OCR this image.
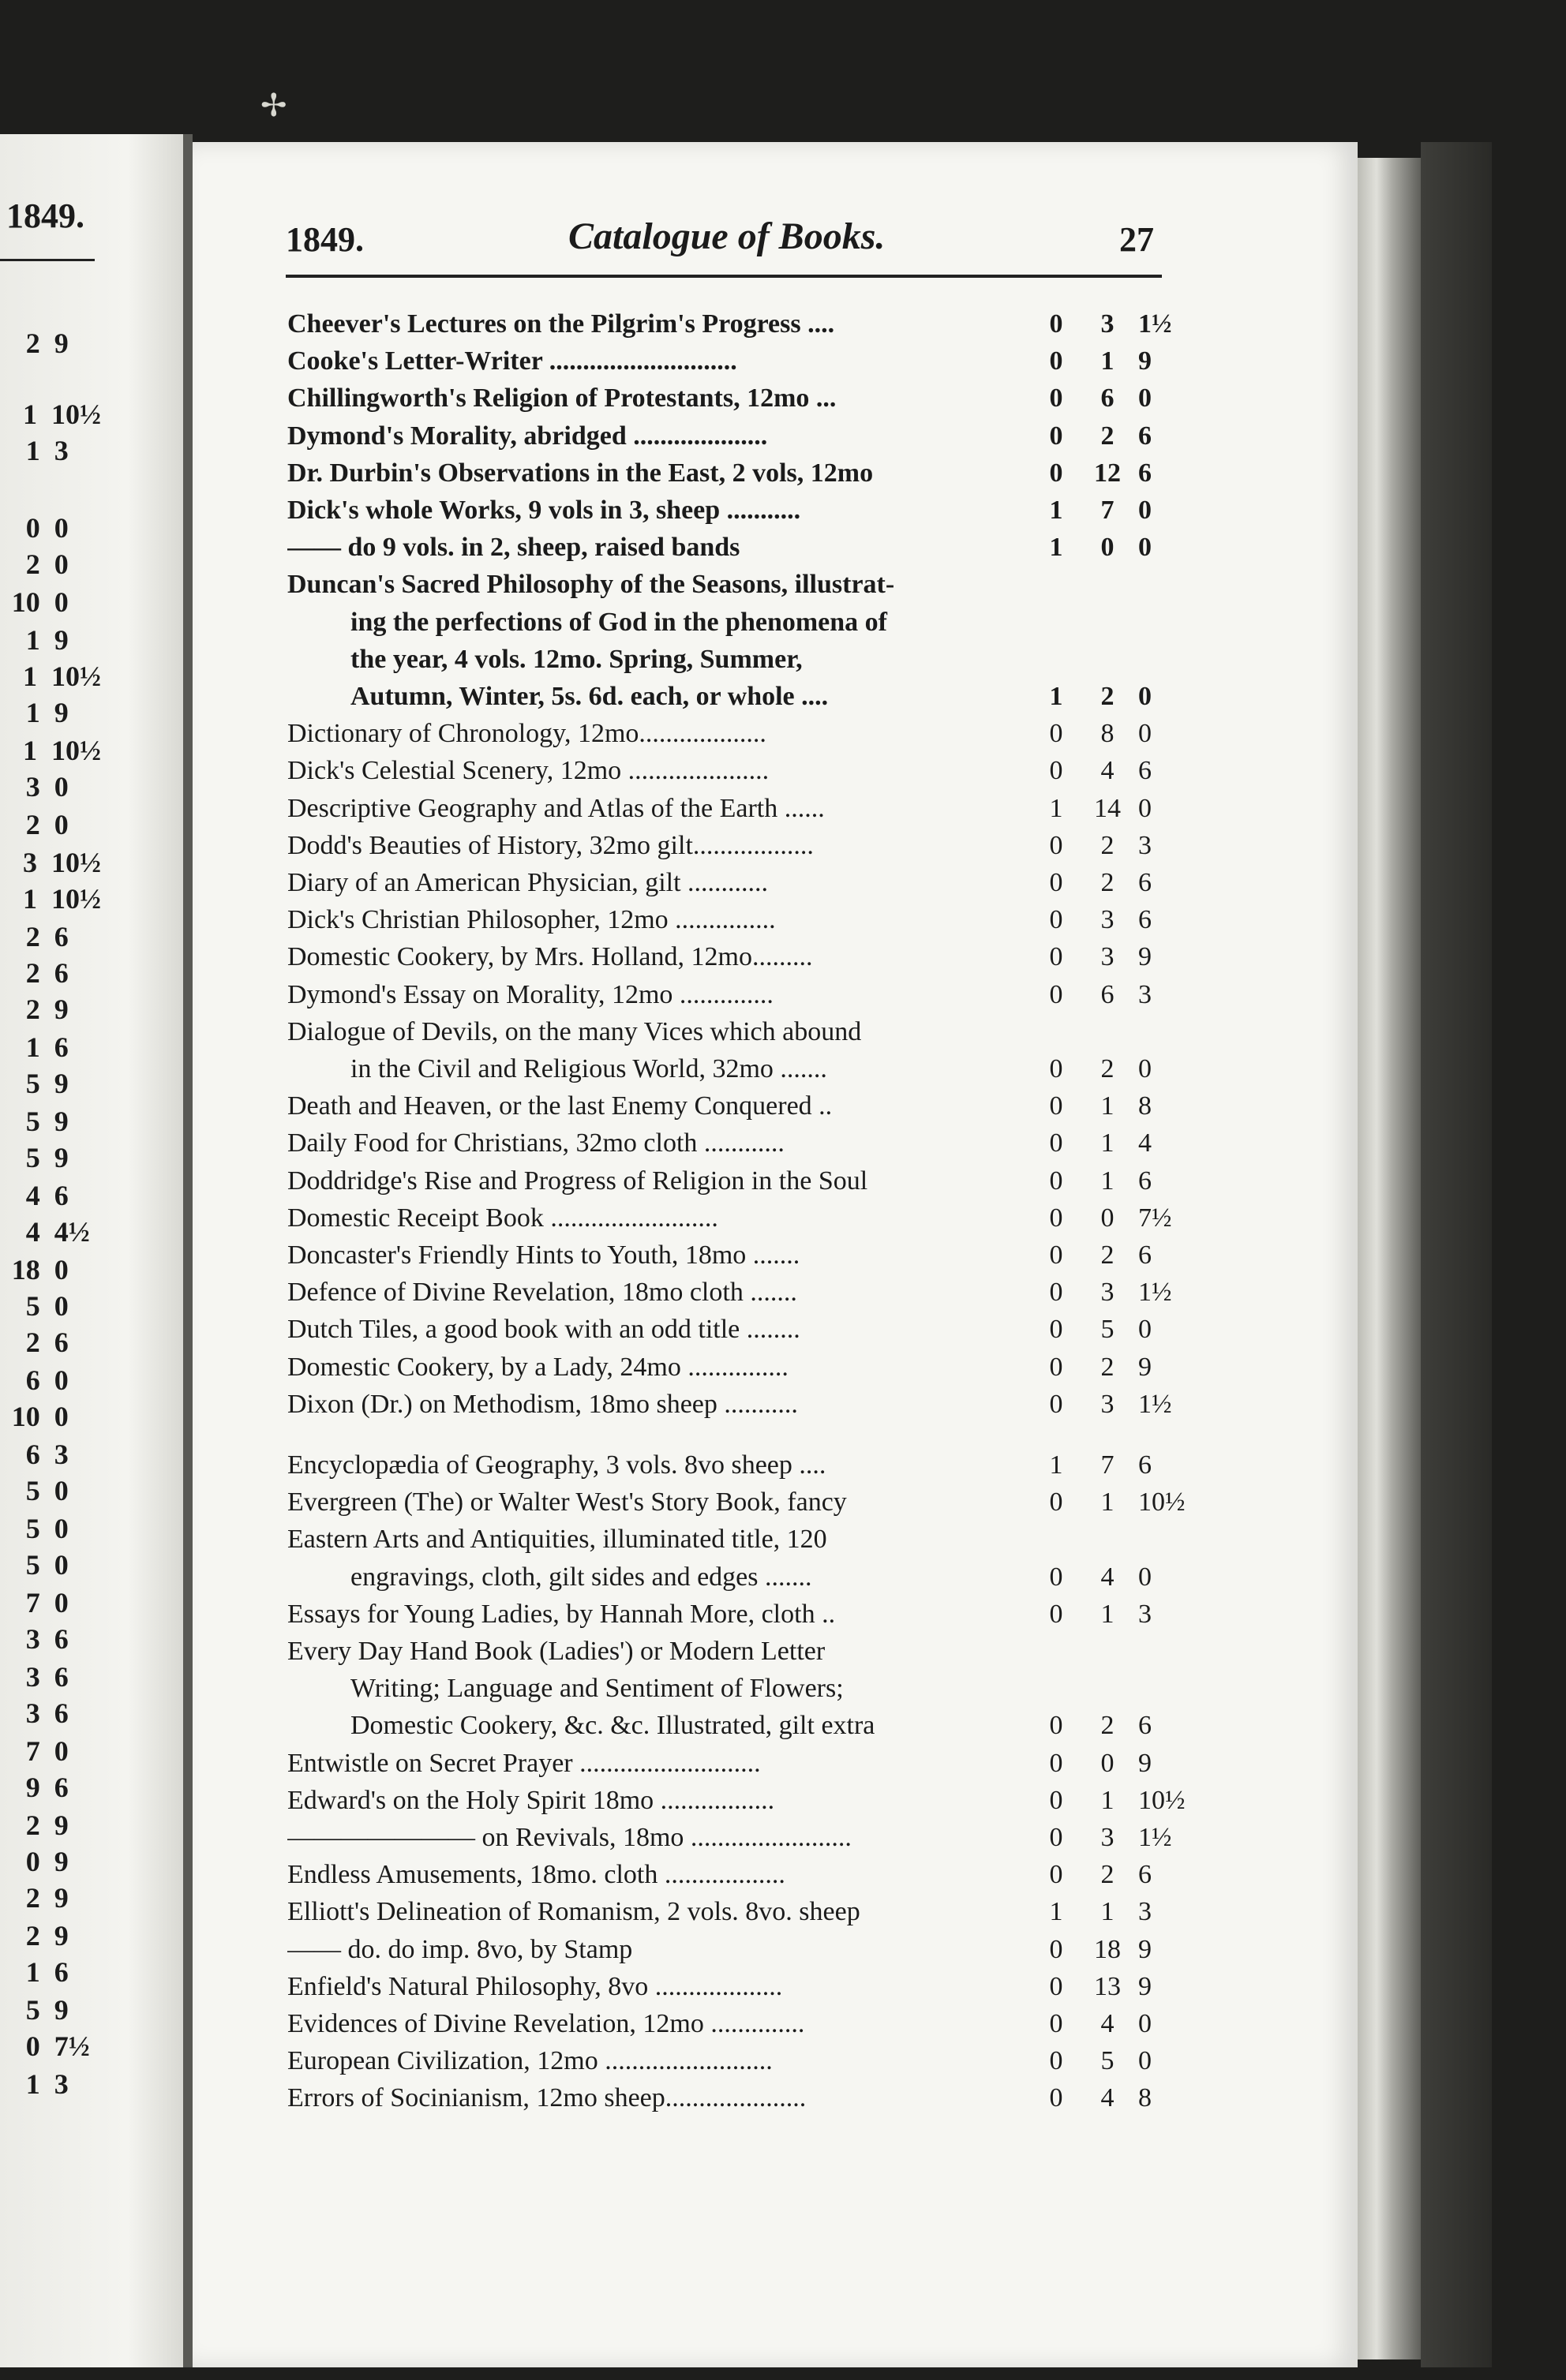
✢
1849.
2 9
1 10½
1 3
0 0
2 0
10 0
1 9
1 10½
1 9
1 10½
3 0
2 0
3 10½
1 10½
2 6
2 6
2 9
1 6
5 9
5 9
5 9
4 6
4 4½
18 0
5 0
2 6
6 0
10 0
6 3
5 0
5 0
5 0
7 0
3 6
3 6
3 6
7 0
9 6
2 9
0 9
2 9
2 9
1 6
5 9
0 7½
1 3
1849.	Catalogue of Books.	27
Cheever's Lectures on the Pilgrim's Progress ....	0	3 1½
Cooke's Letter-Writer ............................	0	1 9
Chillingworth's Religion of Protestants, 12mo ...	0	6 0
Dymond's Morality, abridged ....................	0	2 6
Dr. Durbin's Observations in the East, 2 vols, 12mo	0	12 6
Dick's whole Works, 9 vols in 3, sheep ...........	1	7 0
—— do 9 vols. in 2, sheep, raised bands	1	0 0
Duncan's Sacred Philosophy of the Seasons, illustrat-
ing the perfections of God in the phenomena of
the year, 4 vols. 12mo. Spring, Summer,
Autumn, Winter, 5s. 6d. each, or whole ....	1	2 0
Dictionary of Chronology, 12mo...................	0	8 0
Dick's Celestial Scenery, 12mo .....................	0	4 6
Descriptive Geography and Atlas of the Earth ......	1	14 0
Dodd's Beauties of History, 32mo gilt..................	0	2 3
Diary of an American Physician, gilt ............	0	2 6
Dick's Christian Philosopher, 12mo ...............	0	3 6
Domestic Cookery, by Mrs. Holland, 12mo.........	0	3 9
Dymond's Essay on Morality, 12mo ..............	0	6 3
Dialogue of Devils, on the many Vices which abound
in the Civil and Religious World, 32mo .......	0	2 0
Death and Heaven, or the last Enemy Conquered ..	0	1 8
Daily Food for Christians, 32mo cloth ............	0	1 4
Doddridge's Rise and Progress of Religion in the Soul	0	1 6
Domestic Receipt Book .........................	0	0 7½
Doncaster's Friendly Hints to Youth, 18mo .......	0	2 6
Defence of Divine Revelation, 18mo cloth .......	0	3 1½
Dutch Tiles, a good book with an odd title ........	0	5 0
Domestic Cookery, by a Lady, 24mo ...............	0	2 9
Dixon (Dr.) on Methodism, 18mo sheep ...........	0	3 1½
Encyclopædia of Geography, 3 vols. 8vo sheep ....	1	7 6
Evergreen (The) or Walter West's Story Book, fancy	0	1 10½
Eastern Arts and Antiquities, illuminated title, 120
engravings, cloth, gilt sides and edges .......	0	4 0
Essays for Young Ladies, by Hannah More, cloth ..	0	1 3
Every Day Hand Book (Ladies') or Modern Letter
Writing; Language and Sentiment of Flowers;
Domestic Cookery, &c. &c. Illustrated, gilt extra	0	2 6
Entwistle on Secret Prayer ...........................	0	0 9
Edward's on the Holy Spirit 18mo .................	0	1 10½
——————— on Revivals, 18mo ........................	0	3 1½
Endless Amusements, 18mo. cloth ..................	0	2 6
Elliott's Delineation of Romanism, 2 vols. 8vo. sheep	1	1 3
—— do. do imp. 8vo, by Stamp	0	18 9
Enfield's Natural Philosophy, 8vo ...................	0	13 9
Evidences of Divine Revelation, 12mo ..............	0	4 0
European Civilization, 12mo .........................	0	5 0
Errors of Socinianism, 12mo sheep.....................	0	4 8
